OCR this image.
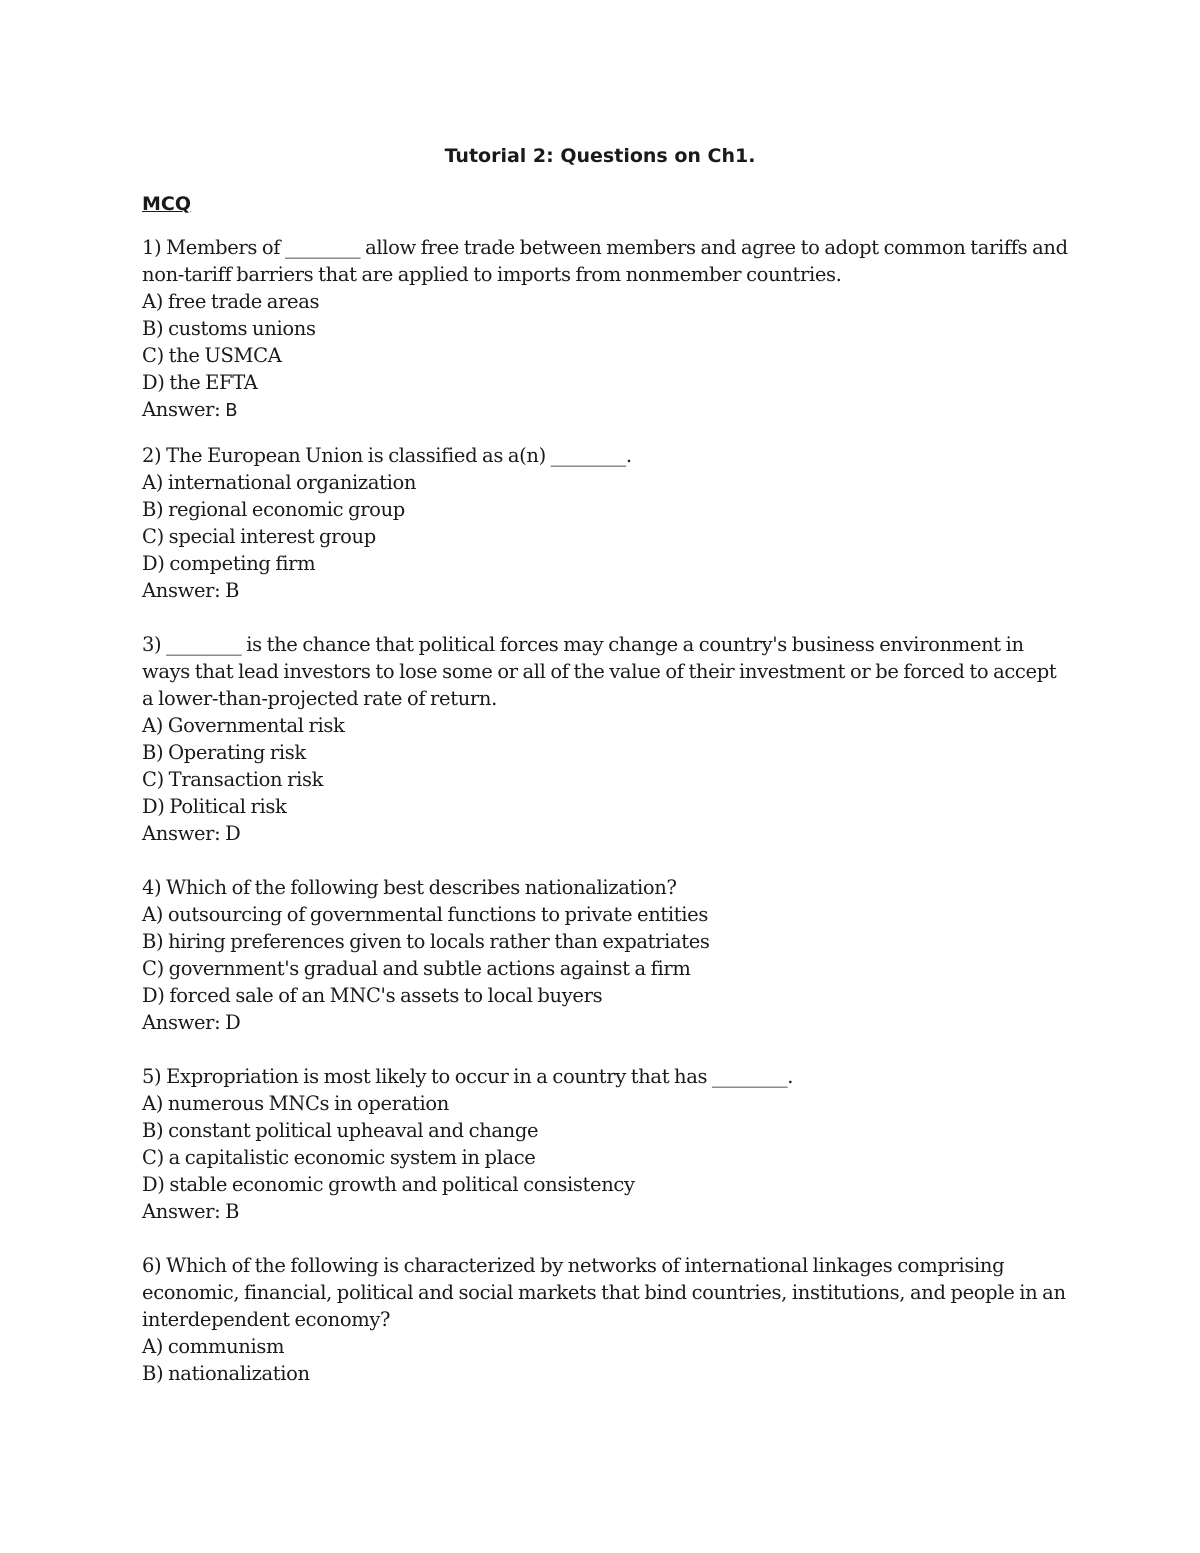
Tutorial 2: Questions on Ch1.
MCQ

1) Members of ________ allow free trade between members and agree to adopt common tariffs and non-tariff barriers that are applied to imports from nonmember countries.

A) free trade areas

B) customs unions

C) the USMCA

D) the EFTA

Answer: B

2) The European Union is classified as a(n) ________.

A) international organization

B) regional economic group

C) special interest group

D) competing firm

Answer: B

3) ________ is the chance that political forces may change a country's business environment in ways that lead investors to lose some or all of the value of their investment or be forced to accept a lower-than-projected rate of return.

A) Governmental risk

B) Operating risk

C) Transaction risk

D) Political risk

Answer: D

4) Which of the following best describes nationalization?

A) outsourcing of governmental functions to private entities

B) hiring preferences given to locals rather than expatriates

C) government's gradual and subtle actions against a firm

D) forced sale of an MNC's assets to local buyers

Answer: D

5) Expropriation is most likely to occur in a country that has ________.

A) numerous MNCs in operation

B) constant political upheaval and change

C) a capitalistic economic system in place

D) stable economic growth and political consistency

Answer: B

6) Which of the following is characterized by networks of international linkages comprising economic, financial, political and social markets that bind countries, institutions, and people in an interdependent economy?

A) communism

B) nationalization
